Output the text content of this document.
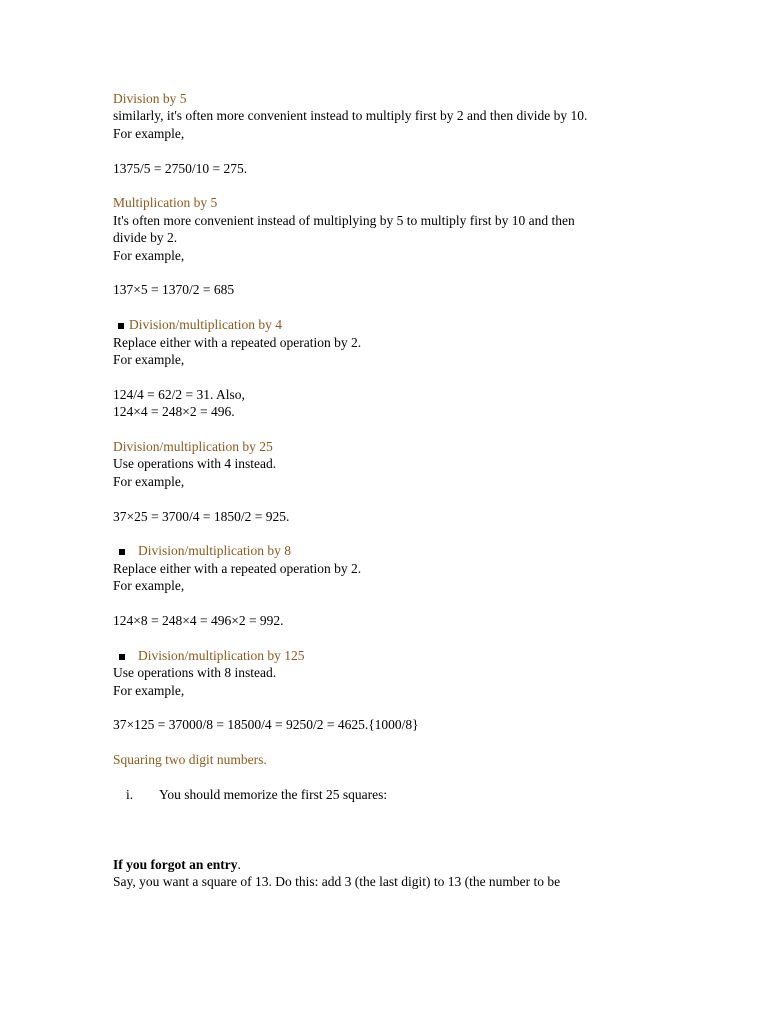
Division by 5
similarly, it's often more convenient instead to multiply first by 2 and then divide by 10.
For example,
1375/5 = 2750/10 = 275.
Multiplication by 5
It's often more convenient instead of multiplying by 5 to multiply first by 10 and then
divide by 2.
For example,
137×5 = 1370/2 = 685
Division/multiplication by 4
Replace either with a repeated operation by 2.
For example,
124/4 = 62/2 = 31. Also,
124×4 = 248×2 = 496.
Division/multiplication by 25
Use operations with 4 instead.
For example,
37×25 = 3700/4 = 1850/2 = 925.
Division/multiplication by 8
Replace either with a repeated operation by 2.
For example,
124×8 = 248×4 = 496×2 = 992.
Division/multiplication by 125
Use operations with 8 instead.
For example,
37×125 = 37000/8 = 18500/4 = 9250/2 = 4625.{1000/8}
Squaring two digit numbers.
i. You should memorize the first 25 squares:
If you forgot an entry.
Say, you want a square of 13. Do this: add 3 (the last digit) to 13 (the number to be
